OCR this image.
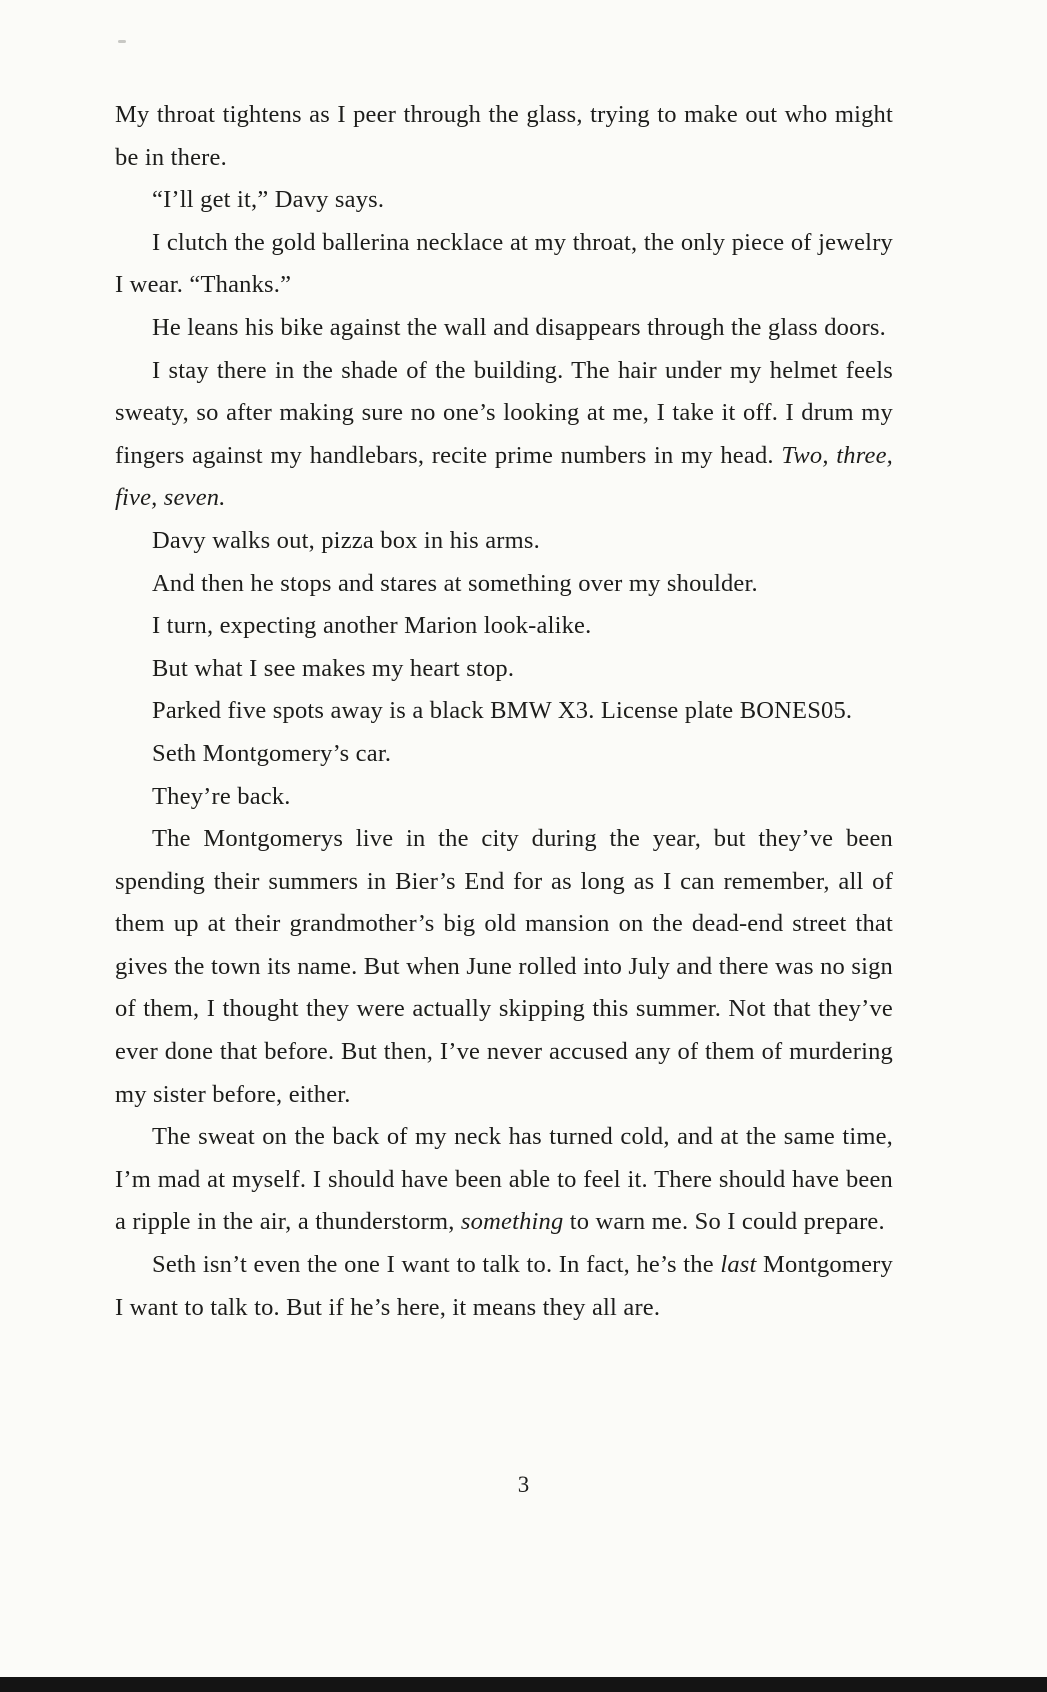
My throat tightens as I peer through the glass, trying to make out who might be in there.

“I’ll get it,” Davy says.

I clutch the gold ballerina necklace at my throat, the only piece of jewelry I wear. “Thanks.”

He leans his bike against the wall and disappears through the glass doors.

I stay there in the shade of the building. The hair under my helmet feels sweaty, so after making sure no one’s looking at me, I take it off. I drum my fingers against my handlebars, recite prime numbers in my head. Two, three, five, seven.

Davy walks out, pizza box in his arms.

And then he stops and stares at something over my shoulder.

I turn, expecting another Marion look-alike.

But what I see makes my heart stop.

Parked five spots away is a black BMW X3. License plate BONES05.

Seth Montgomery’s car.

They’re back.

The Montgomerys live in the city during the year, but they’ve been spending their summers in Bier’s End for as long as I can remember, all of them up at their grandmother’s big old mansion on the dead-end street that gives the town its name. But when June rolled into July and there was no sign of them, I thought they were actually skipping this summer. Not that they’ve ever done that before. But then, I’ve never accused any of them of murdering my sister before, either.

The sweat on the back of my neck has turned cold, and at the same time, I’m mad at myself. I should have been able to feel it. There should have been a ripple in the air, a thunderstorm, something to warn me. So I could prepare.

Seth isn’t even the one I want to talk to. In fact, he’s the last Montgomery I want to talk to. But if he’s here, it means they all are.

3
